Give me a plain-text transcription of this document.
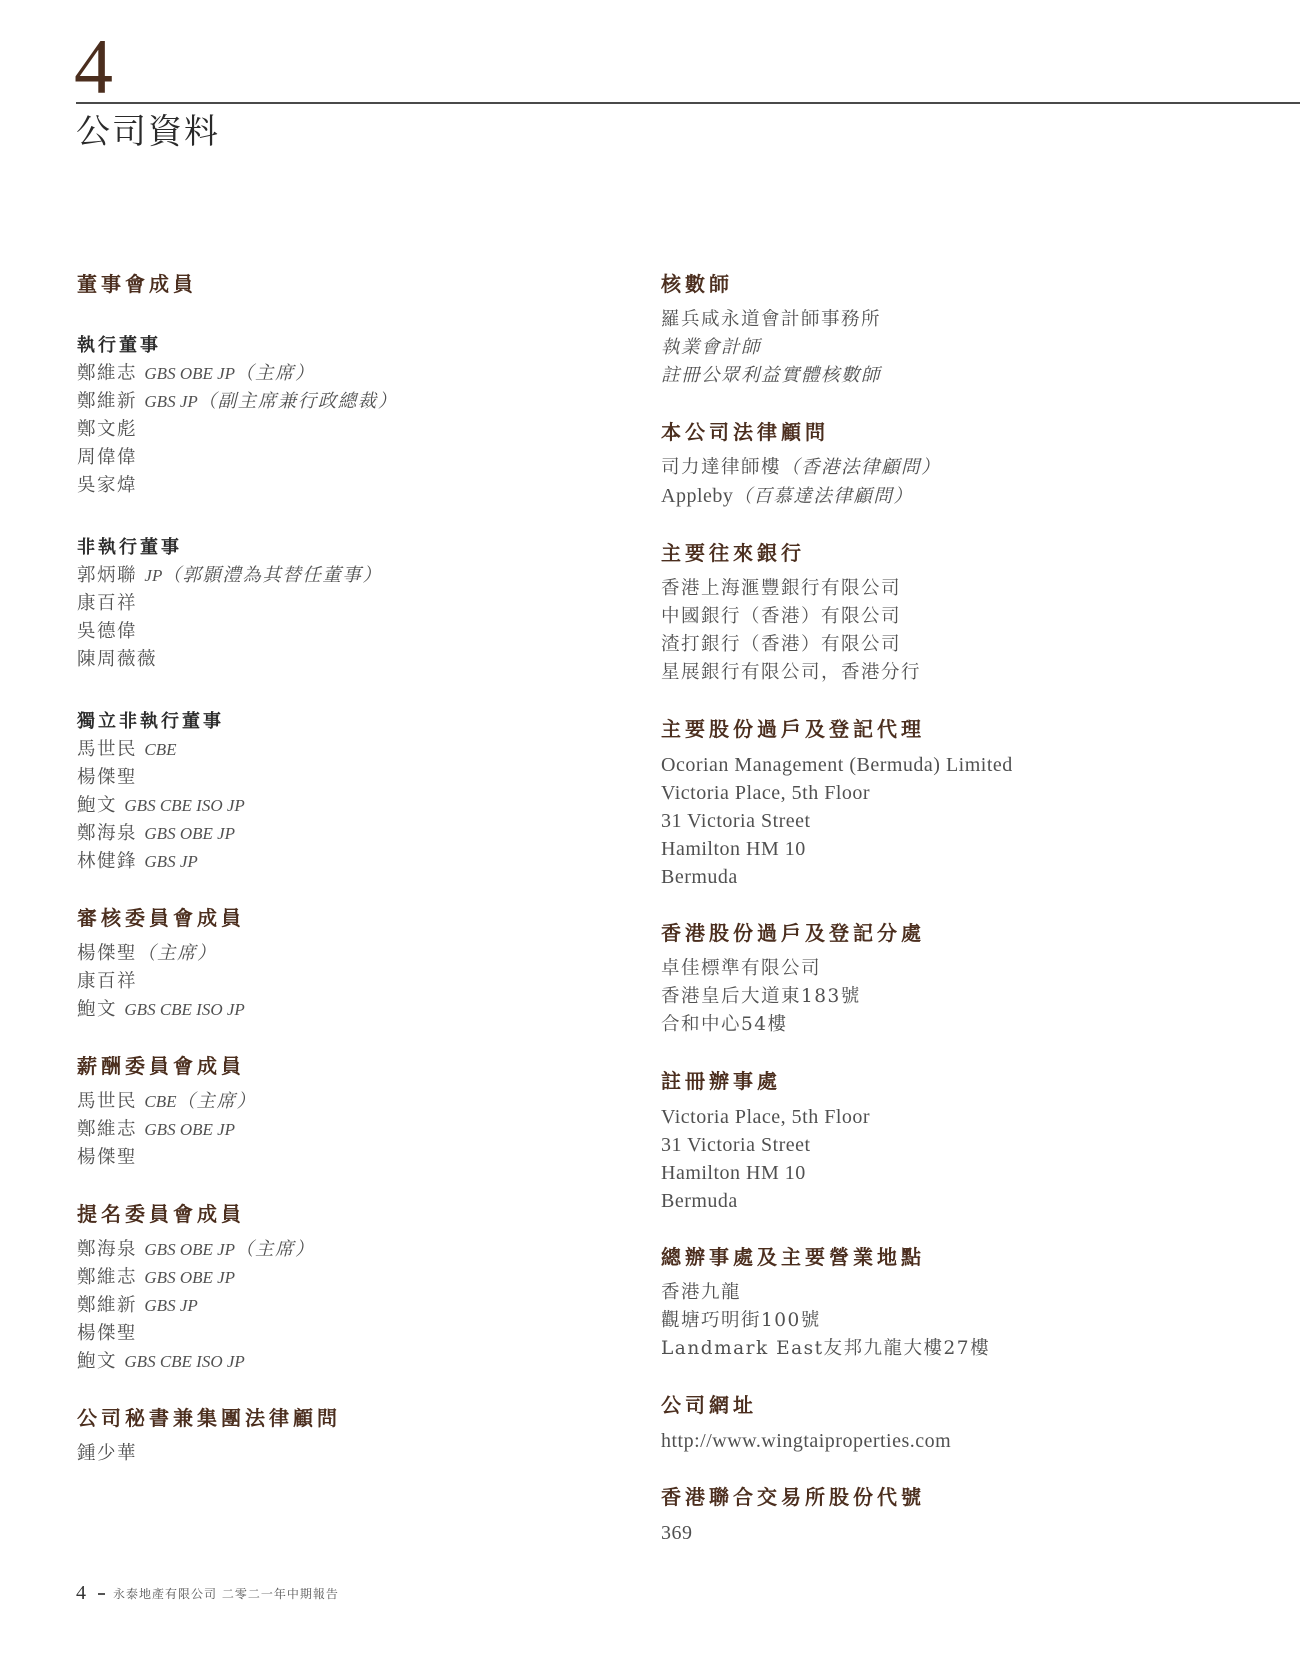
4
公司資料
董事會成員
執行董事
鄭維志 GBS OBE JP（主席）
鄭維新 GBS JP（副主席兼行政總裁）
鄭文彪
周偉偉
吳家煒
非執行董事
郭炳聯 JP（郭顥澧為其替任董事）
康百祥
吳德偉
陳周薇薇
獨立非執行董事
馬世民 CBE
楊傑聖
鮑文 GBS CBE ISO JP
鄭海泉 GBS OBE JP
林健鋒 GBS JP
審核委員會成員
楊傑聖（主席）
康百祥
鮑文 GBS CBE ISO JP
薪酬委員會成員
馬世民 CBE（主席）
鄭維志 GBS OBE JP
楊傑聖
提名委員會成員
鄭海泉 GBS OBE JP（主席）
鄭維志 GBS OBE JP
鄭維新 GBS JP
楊傑聖
鮑文 GBS CBE ISO JP
公司秘書兼集團法律顧問
鍾少華
核數師
羅兵咸永道會計師事務所
執業會計師
註冊公眾利益實體核數師
本公司法律顧問
司力達律師樓（香港法律顧問）
Appleby（百慕達法律顧問）
主要往來銀行
香港上海滙豐銀行有限公司
中國銀行（香港）有限公司
渣打銀行（香港）有限公司
星展銀行有限公司，香港分行
主要股份過戶及登記代理
Ocorian Management (Bermuda) Limited
Victoria Place, 5th Floor
31 Victoria Street
Hamilton HM 10
Bermuda
香港股份過戶及登記分處
卓佳標準有限公司
香港皇后大道東183號
合和中心54樓
註冊辦事處
Victoria Place, 5th Floor
31 Victoria Street
Hamilton HM 10
Bermuda
總辦事處及主要營業地點
香港九龍
觀塘巧明街100號
Landmark East友邦九龍大樓27樓
公司網址
http://www.wingtaiproperties.com
香港聯合交易所股份代號
369
4 永泰地產有限公司 二零二一年中期報告
